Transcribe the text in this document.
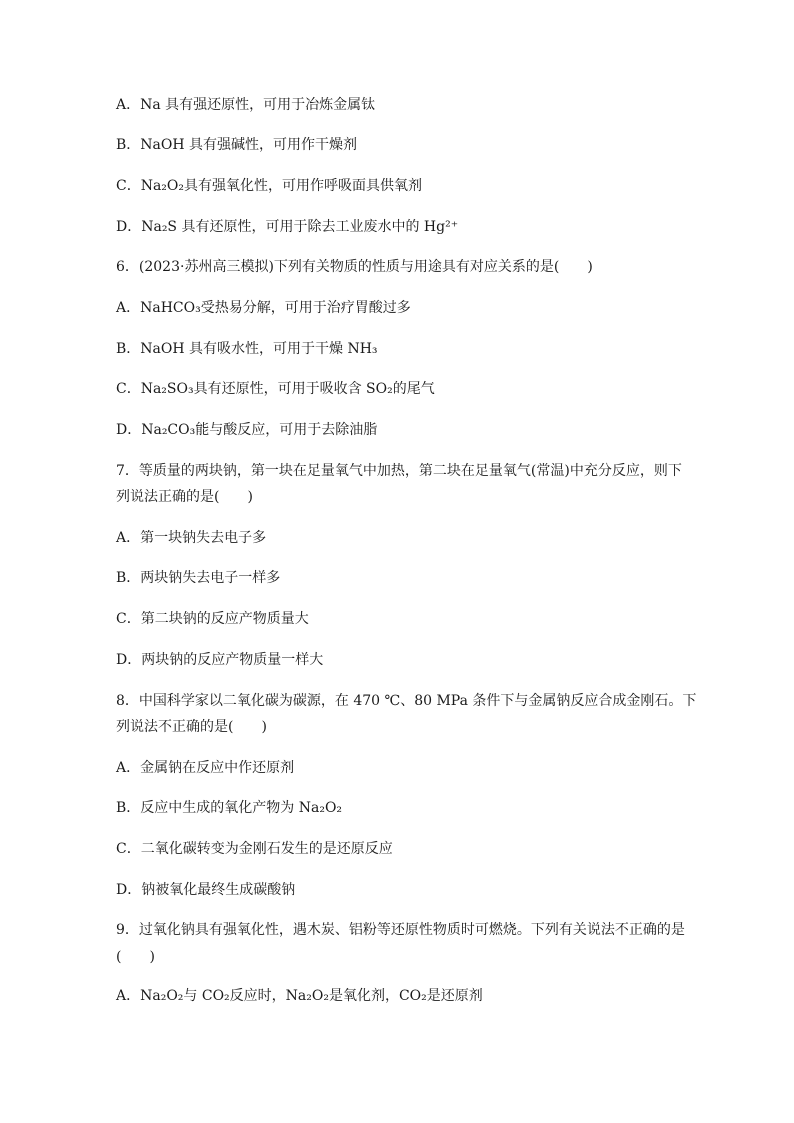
A．Na 具有强还原性，可用于冶炼金属钛
B．NaOH 具有强碱性，可用作干燥剂
C．Na₂O₂具有强氧化性，可用作呼吸面具供氧剂
D．Na₂S 具有还原性，可用于除去工业废水中的 Hg²⁺
6．(2023·苏州高三模拟)下列有关物质的性质与用途具有对应关系的是(　　)
A．NaHCO₃受热易分解，可用于治疗胃酸过多
B．NaOH 具有吸水性，可用于干燥 NH₃
C．Na₂SO₃具有还原性，可用于吸收含 SO₂的尾气
D．Na₂CO₃能与酸反应，可用于去除油脂
7．等质量的两块钠，第一块在足量氧气中加热，第二块在足量氧气(常温)中充分反应，则下
列说法正确的是(　　)
A．第一块钠失去电子多
B．两块钠失去电子一样多
C．第二块钠的反应产物质量大
D．两块钠的反应产物质量一样大
8．中国科学家以二氧化碳为碳源，在 470 ℃、80 MPa 条件下与金属钠反应合成金刚石。下
列说法不正确的是(　　)
A．金属钠在反应中作还原剂
B．反应中生成的氧化产物为 Na₂O₂
C．二氧化碳转变为金刚石发生的是还原反应
D．钠被氧化最终生成碳酸钠
9．过氧化钠具有强氧化性，遇木炭、铝粉等还原性物质时可燃烧。下列有关说法不正确的是
(　　)
A．Na₂O₂与 CO₂反应时，Na₂O₂是氧化剂，CO₂是还原剂
